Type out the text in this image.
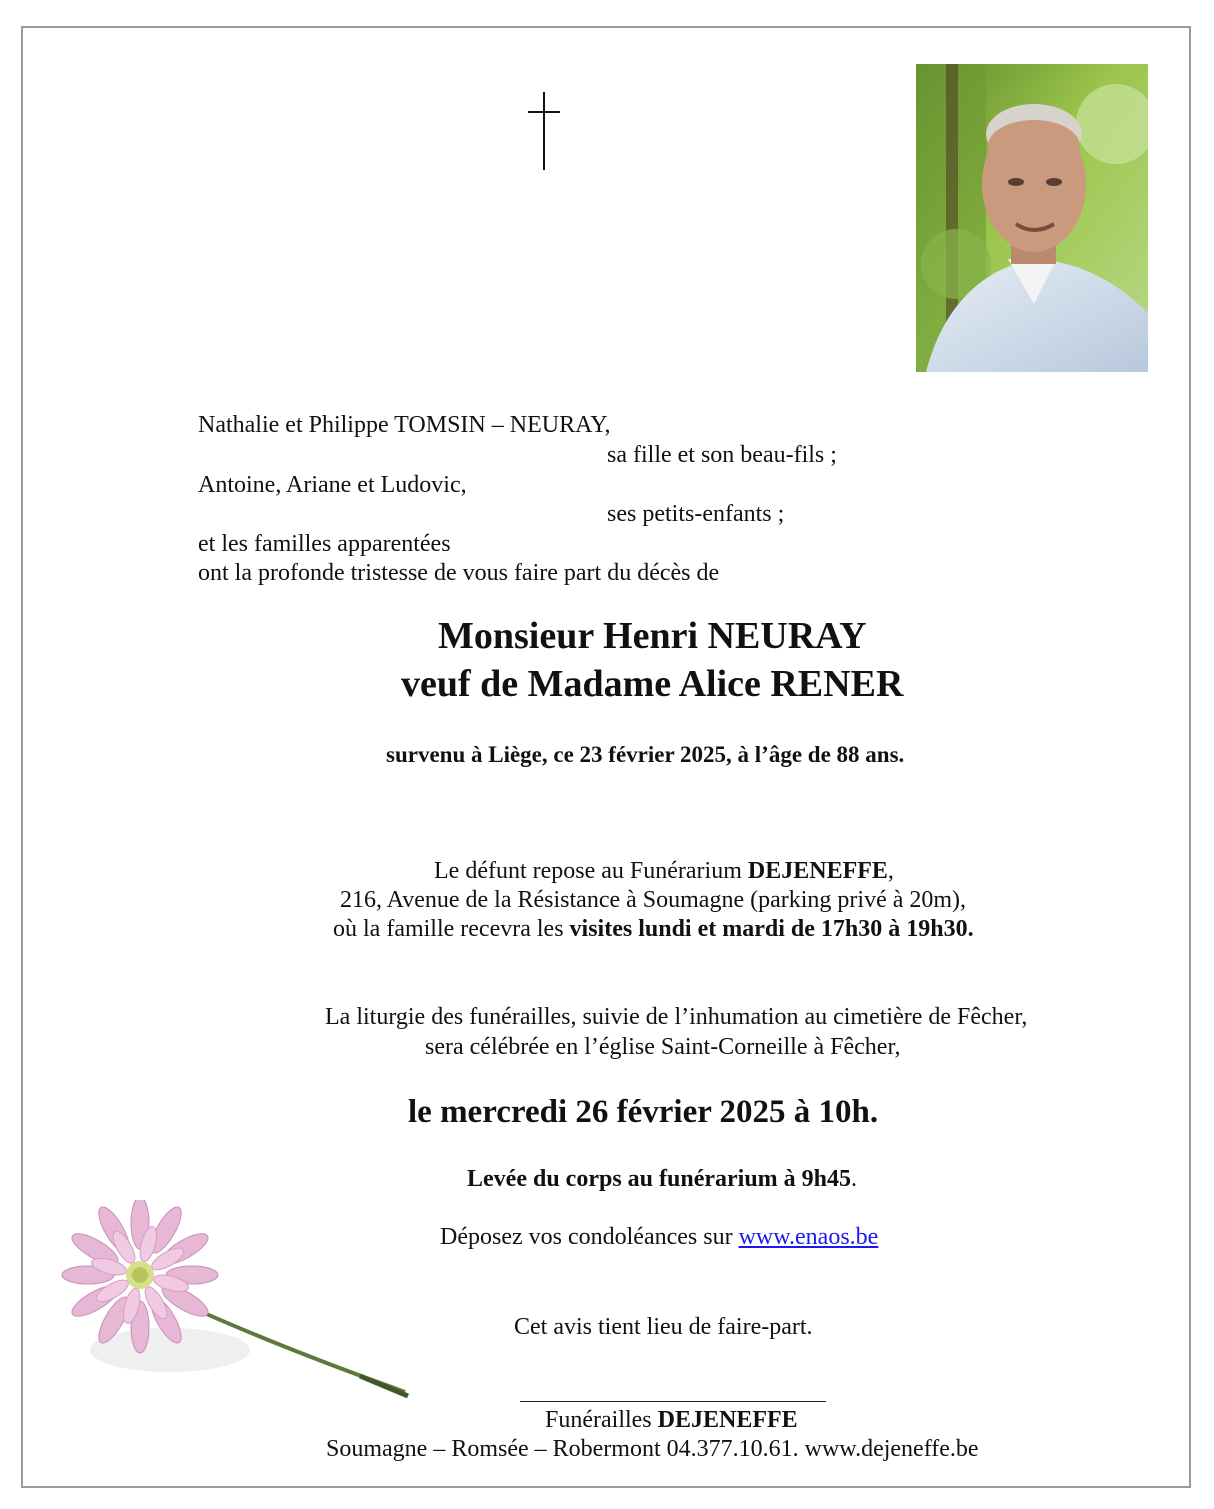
Nathalie et Philippe TOMSIN – NEURAY,
sa fille et son beau-fils ;
Antoine, Ariane et Ludovic,
ses petits-enfants ;
et les familles apparentées
ont la profonde tristesse de vous faire part du décès de
Monsieur Henri NEURAY
veuf de Madame Alice RENER
survenu à Liège, ce 23 février 2025, à l’âge de 88 ans.
Le défunt repose au Funérarium DEJENEFFE,
216, Avenue de la Résistance à Soumagne (parking privé à 20m),
où la famille recevra les visites lundi et mardi de 17h30 à 19h30.
La liturgie des funérailles, suivie de l’inhumation au cimetière de Fêcher,
sera célébrée en l’église Saint-Corneille à Fêcher,
le mercredi 26 février 2025 à 10h.
Levée du corps au funérarium à 9h45.
Déposez vos condoléances sur www.enaos.be
Cet avis tient lieu de faire-part.
Funérailles DEJENEFFE
Soumagne – Romsée – Robermont 04.377.10.61. www.dejeneffe.be
